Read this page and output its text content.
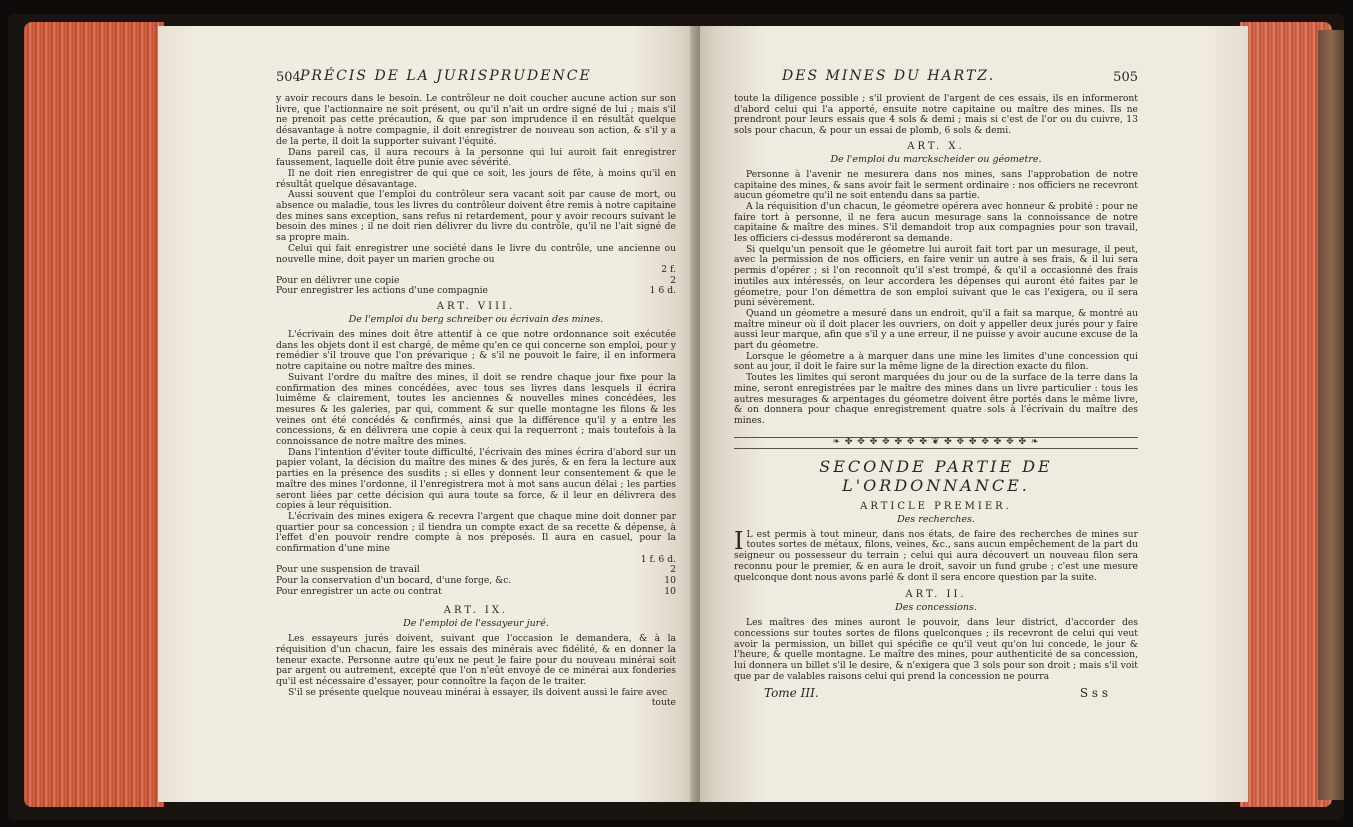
504 PRÉCIS DE LA JURISPRUDENCE

y avoir recours dans le besoin. Le contrôleur ne doit coucher aucune action sur son livre, que l'actionnaire ne soit présent, ou qu'il n'ait un ordre signé de lui ; mais s'il ne prenoit pas cette précaution, & que par son imprudence il en résultât quelque désavantage à notre compagnie, il doit enregistrer de nouveau son action, & s'il y a de la perte, il doit la supporter suivant l'équité.

Dans pareil cas, il aura recours à la personne qui lui auroit fait enregistrer faussement, laquelle doit être punie avec sévérité.

Il ne doit rien enregistrer de qui que ce soit, les jours de fête, à moins qu'il en résultât quelque désavantage.

Aussi souvent que l'emploi du contrôleur sera vacant soit par cause de mort, ou absence ou maladie, tous les livres du contrôleur doivent être remis à notre capitaine des mines sans exception, sans refus ni retardement, pour y avoir recours suivant le besoin des mines ; il ne doit rien délivrer du livre du contrôle, qu'il ne l'ait signé de sa propre main.

Celui qui fait enregistrer une société dans le livre du contrôle, une ancienne ou nouvelle mine, doit payer un marien groche ou

2 f.
Pour en délivrer une copie	2
Pour enregistrer les actions d'une compagnie	1 6 d.
ART. VIII.
De l'emploi du berg schreiber ou écrivain des mines.

L'écrivain des mines doit être attentif à ce que notre ordonnance soit exécutée dans les objets dont il est chargé, de même qu'en ce qui concerne son emploi, pour y remédier s'il trouve que l'on prévarique ; & s'il ne pouvoit le faire, il en informera notre capitaine ou notre maître des mines.

Suivant l'ordre du maître des mines, il doit se rendre chaque jour fixe pour la confirmation des mines concédées, avec tous ses livres dans lesquels il écrira luimême & clairement, toutes les anciennes & nouvelles mines concédées, les mesures & les galeries, par qui, comment & sur quelle montagne les filons & les veines ont été concédés & confirmés, ainsi que la différence qu'il y a entre les concessions, & en délivrera une copie à ceux qui la requerront ; mais toutefois à la connoissance de notre maître des mines.

Dans l'intention d'éviter toute difficulté, l'écrivain des mines écrira d'abord sur un papier volant, la décision du maître des mines & des jurés, & en fera la lecture aux parties en la présence des susdits ; si elles y donnent leur consentement & que le maître des mines l'ordonne, il l'enregistrera mot à mot sans aucun délai ; les parties seront liées par cette décision qui aura toute sa force, & il leur en délivrera des copies à leur réquisition.

L'écrivain des mines exigera & recevra l'argent que chaque mine doit donner par quartier pour sa concession ; il tiendra un compte exact de sa recette & dépense, à l'effet d'en pouvoir rendre compte à nos préposés. Il aura en casuel, pour la confirmation d'une mine

1 f. 6 d.
Pour une suspension de travail	2
Pour la conservation d'un bocard, d'une forge, &c.	10
Pour enregistrer un acte ou contrat	10
ART. IX.
De l'emploi de l'essayeur juré.

Les essayeurs jurés doivent, suivant que l'occasion le demandera, & à la réquisition d'un chacun, faire les essais des minérais avec fidélité, & en donner la teneur exacte. Personne autre qu'eux ne peut le faire pour du nouveau minérai soit par argent ou autrement, excepté que l'on n'eût envoyé de ce minérai aux fonderies qu'il est nécessaire d'essayer, pour connoître la façon de le traiter.

S'il se présente quelque nouveau minérai à essayer, ils doivent aussi le faire avec

toute
DES MINES DU HARTZ.	505

toute la diligence possible ; s'il provient de l'argent de ces essais, ils en informeront d'abord celui qui l'a apporté, ensuite notre capitaine ou maître des mines. Ils ne prendront pour leurs essais que 4 sols & demi ; mais si c'est de l'or ou du cuivre, 13 sols pour chacun, & pour un essai de plomb, 6 sols & demi.

ART. X.
De l'emploi du marckscheider ou géometre.

Personne à l'avenir ne mesurera dans nos mines, sans l'approbation de notre capitaine des mines, & sans avoir fait le serment ordinaire : nos officiers ne recevront aucun géometre qu'il ne soit entendu dans sa partie.

A la réquisition d'un chacun, le géometre opérera avec honneur & probité : pour ne faire tort à personne, il ne fera aucun mesurage sans la connoissance de notre capitaine & maître des mines. S'il demandoit trop aux compagnies pour son travail, les officiers ci-dessus modéreront sa demande.

Si quelqu'un pensoit que le géometre lui auroit fait tort par un mesurage, il peut, avec la permission de nos officiers, en faire venir un autre à ses frais, & il lui sera permis d'opérer ; si l'on reconnoît qu'il s'est trompé, & qu'il a occasionné des frais inutiles aux intéressés, on leur accordera les dépenses qui auront été faites par le géometre, pour l'on démettra de son emploi suivant que le cas l'exigera, ou il sera puni sévèrement.

Quand un géometre a mesuré dans un endroit, qu'il a fait sa marque, & montré au maître mineur où il doit placer les ouvriers, on doit y appeller deux jurés pour y faire aussi leur marque, afin que s'il y a une erreur, il ne puisse y avoir aucune excuse de la part du géometre.

Lorsque le géometre a à marquer dans une mine les limites d'une concession qui sont au jour, il doit le faire sur la même ligne de la direction exacte du filon.

Toutes les limites qui seront marquées du jour ou de la surface de la terre dans la mine, seront enregistrées par le maître des mines dans un livre particulier : tous les autres mesurages & arpentages du géometre doivent être portés dans le même livre, & on donnera pour chaque enregistrement quatre sols à l'écrivain du maître des mines.

❧ ✤ ✥ ✤ ✥ ✤ ✥ ✤ ❦ ✤ ✥ ✤ ✥ ✤ ✥ ✤ ❧
SECONDE PARTIE DE L'ORDONNANCE.
ARTICLE PREMIER.
Des recherches.
I L est permis à tout mineur, dans nos états, de faire des recherches de mines sur toutes sortes de métaux, filons, veines, &c., sans aucun empêchement de la part du seigneur ou possesseur du terrain ; celui qui aura découvert un nouveau filon sera reconnu pour le premier, & en aura le droit, savoir un fund grube ; c'est une mesure quelconque dont nous avons parlé & dont il sera encore question par la suite.
ART. II.
Des concessions.

Les maîtres des mines auront le pouvoir, dans leur district, d'accorder des concessions sur toutes sortes de filons quelconques ; ils recevront de celui qui veut avoir la permission, un billet qui spécifie ce qu'il veut qu'on lui concede, le jour & l'heure, & quelle montagne. Le maître des mines, pour authenticité de sa concession, lui donnera un billet s'il le desire, & n'exigera que 3 sols pour son droit ; mais s'il voit que par de valables raisons celui qui prend la concession ne pourra

Tome III.	S s s
